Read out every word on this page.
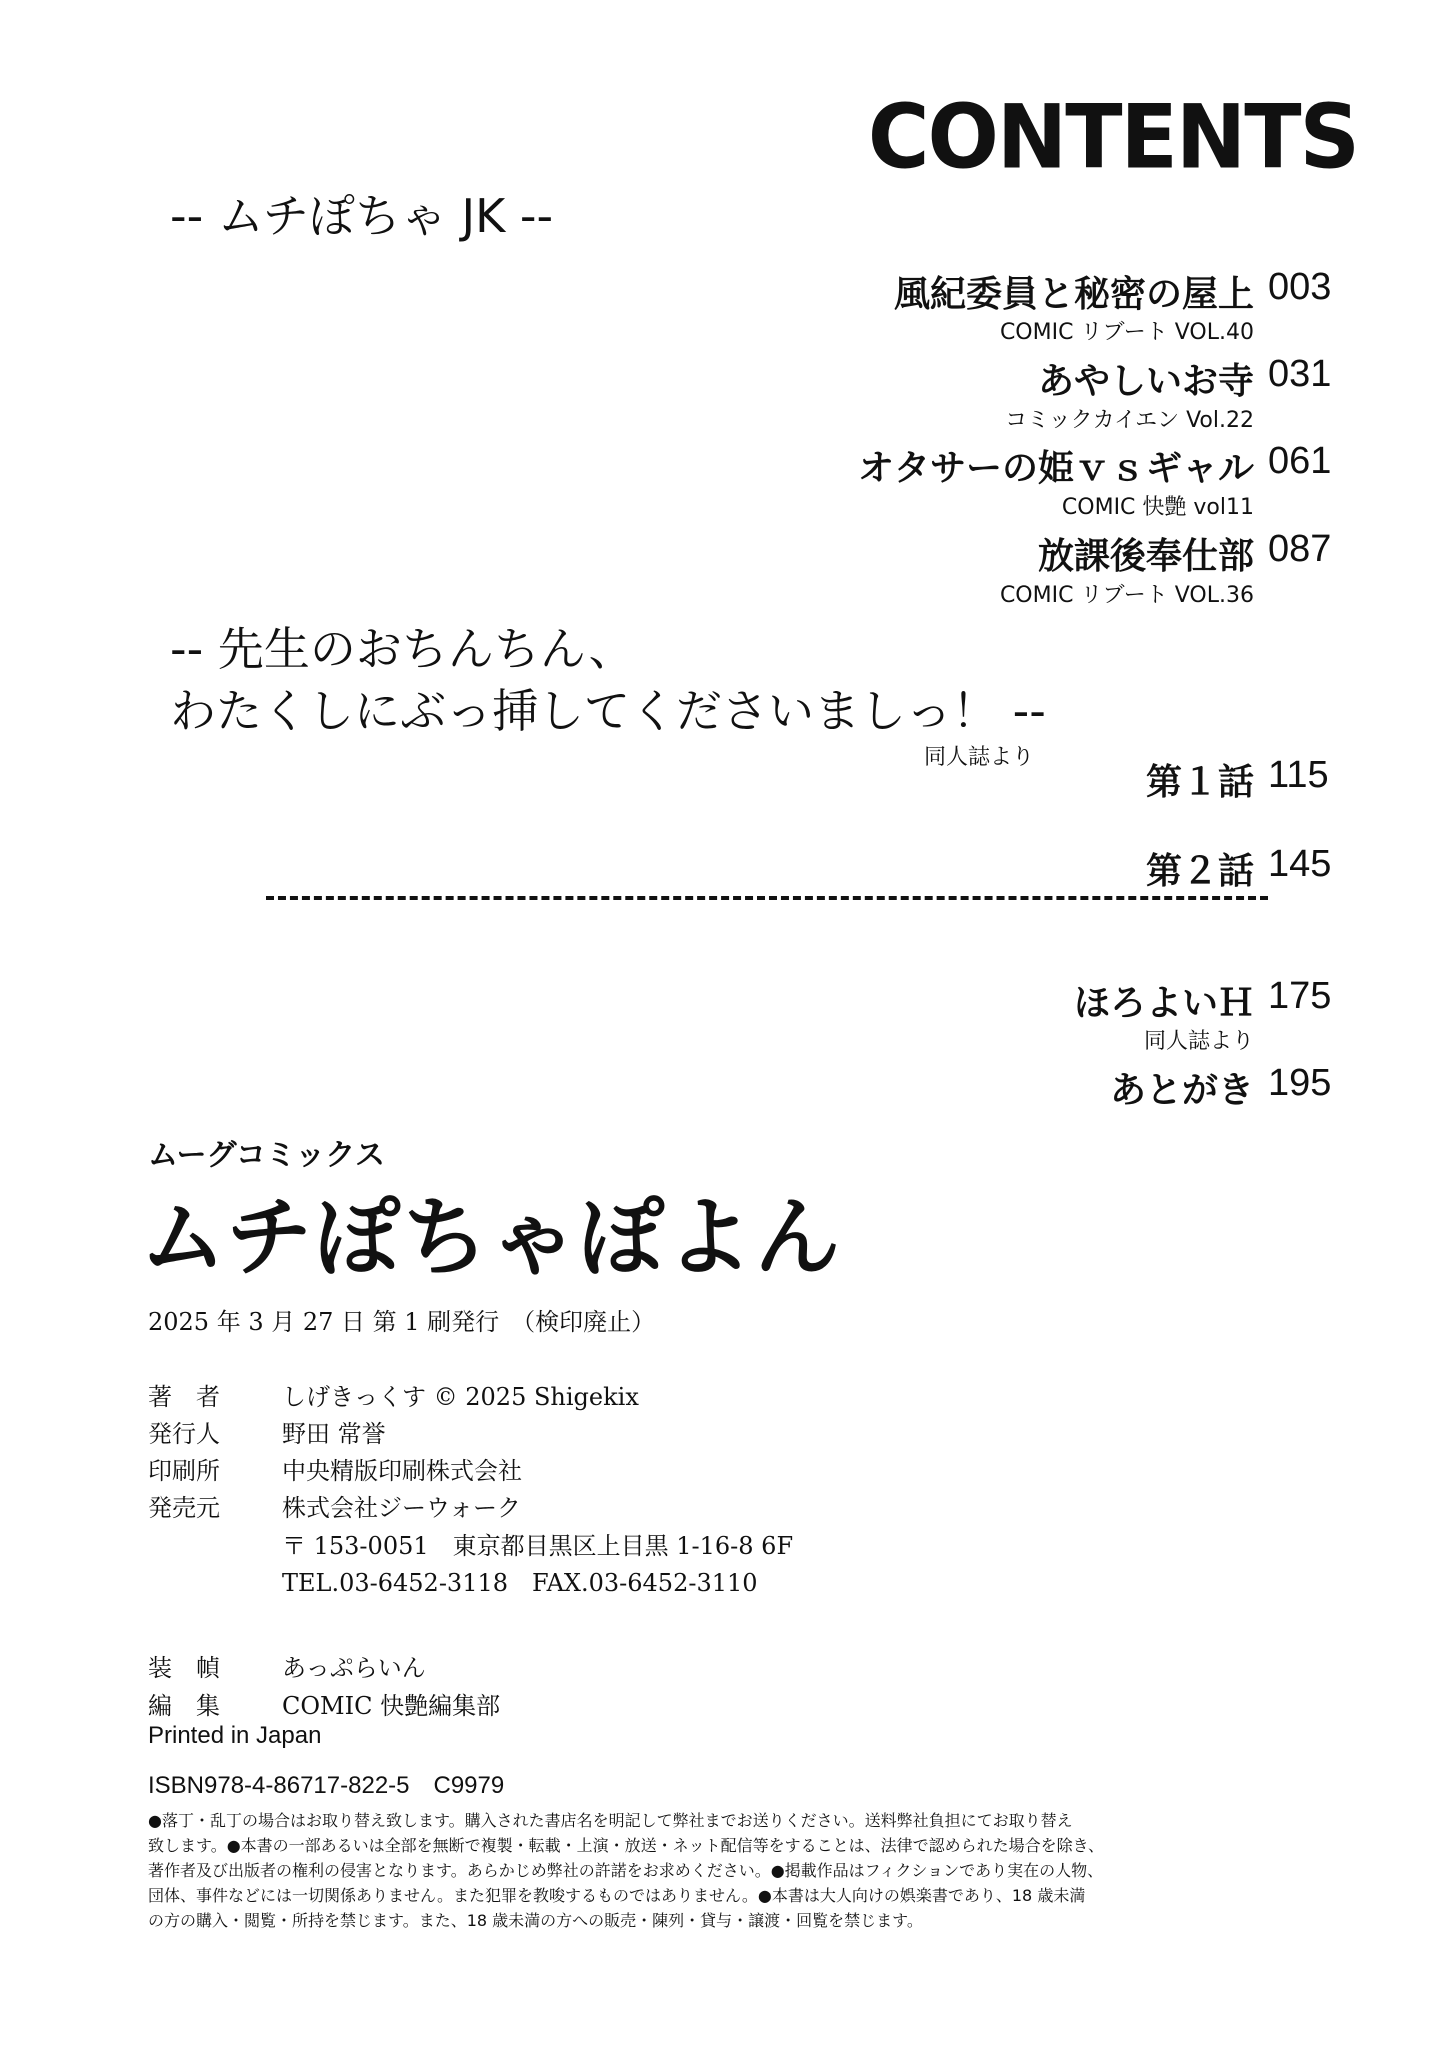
CONTENTS
-- ムチぽちゃ JK --
風紀委員と秘密の屋上 003
COMIC リブート VOL.40
あやしいお寺 031
コミックカイエン Vol.22
オタサーの姫ｖｓギャル 061
COMIC 快艶 vol11
放課後奉仕部 087
COMIC リブート VOL.36
-- 先生のおちんちん、
わたくしにぶっ挿してくださいましっ！ --
同人誌より
第１話 115
第２話 145
ほろよいＨ 175
同人誌より
あとがき 195
ムーグコミックス
ムチぽちゃぽよん
2025 年 3 月 27 日 第 1 刷発行　（検印廃止）
著　者	しげきっくす © 2025 Shigekix
発行人	野田 常誉
印刷所	中央精版印刷株式会社
発売元	株式会社ジーウォーク
〒 153-0051　東京都目黒区上目黒 1-16-8 6F
TEL.03-6452-3118　FAX.03-6452-3110
装　幀	あっぷらいん
編　集	COMIC 快艶編集部
Printed in Japan
ISBN978-4-86717-822-5　C9979

●落丁・乱丁の場合はお取り替え致します。購入された書店名を明記して弊社までお送りください。送料弊社負担にてお取り替え

致します。●本書の一部あるいは全部を無断で複製・転載・上演・放送・ネット配信等をすることは、法律で認められた場合を除き、

著作者及び出版者の権利の侵害となります。あらかじめ弊社の許諾をお求めください。●掲載作品はフィクションであり実在の人物、

団体、事件などには一切関係ありません。また犯罪を教唆するものではありません。●本書は大人向けの娯楽書であり、18 歳未満

の方の購入・閲覧・所持を禁じます。また、18 歳未満の方への販売・陳列・貸与・譲渡・回覧を禁じます。
